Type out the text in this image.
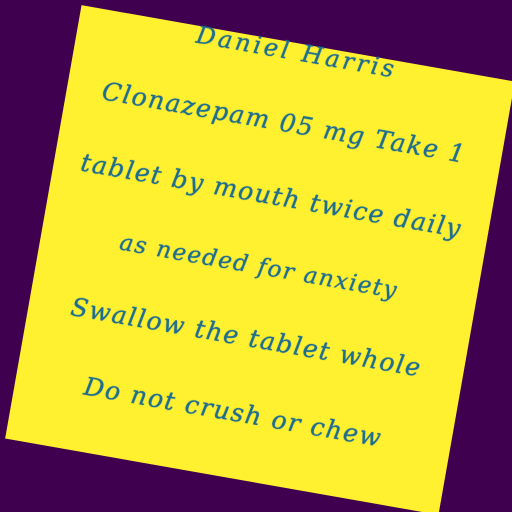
Daniel Harris
Clonazepam 05 mg Take 1
tablet by mouth twice daily
as needed for anxiety
Swallow the tablet whole
Do not crush or chew
